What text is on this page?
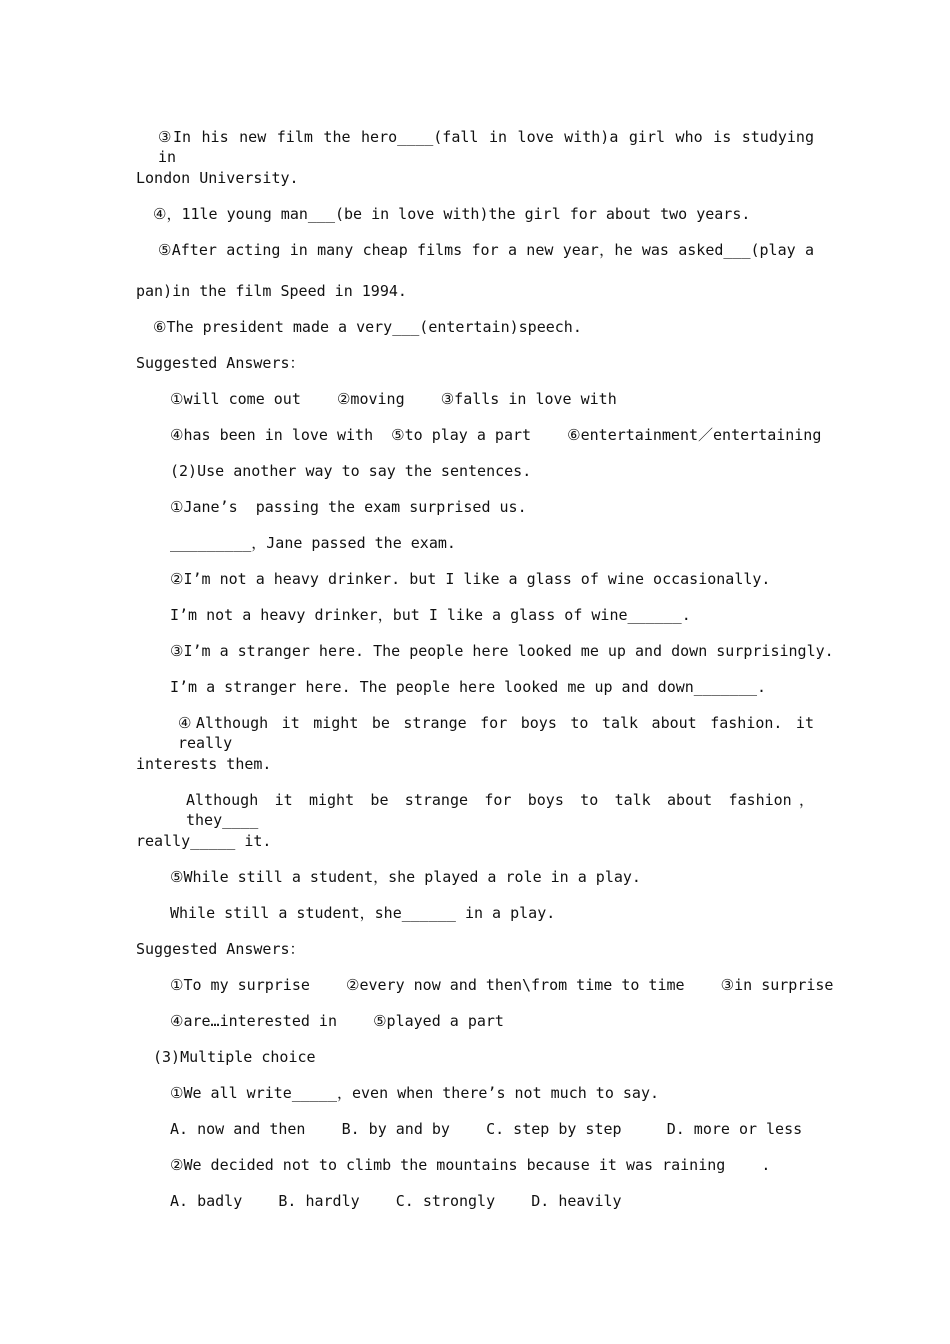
③In his new film the hero____(fall in love with)a girl who is studying in
London University.
④，11le young man___(be in love with)the girl for about two years.
⑤After acting in many cheap films for a new year，he was asked___(play a
pan)in the film Speed in 1994.
⑥The president made a very___(entertain)speech.
Suggested Answers：
①will come out    ②moving    ③falls in love with
④has been in love with  ⑤to play a part    ⑥entertainment／entertaining
(2)Use another way to say the sentences.
①Jane’s  passing the exam surprised us.
_________，Jane passed the exam.
②I’m not a heavy drinker. but I like a glass of wine occasionally.
I’m not a heavy drinker，but I like a glass of wine______.
③I’m a stranger here. The people here looked me up and down surprisingly.
I’m a stranger here. The people here looked me up and down_______.
④Although it might be strange for boys to talk about fashion. it really
interests them.
Although it might be strange for boys to talk about fashion， they____
really_____ it.
⑤While still a student，she played a role in a play.
While still a student，she______ in a play.
Suggested Answers：
①To my surprise    ②every now and then\from time to time    ③in surprise
④are…interested in    ⑤played a part
(3)Multiple choice
①We all write_____，even when there’s not much to say.
A. now and then    B. by and by    C. step by step     D. more or less
②We decided not to climb the mountains because it was raining    .
A. badly    B. hardly    C. strongly    D. heavily
